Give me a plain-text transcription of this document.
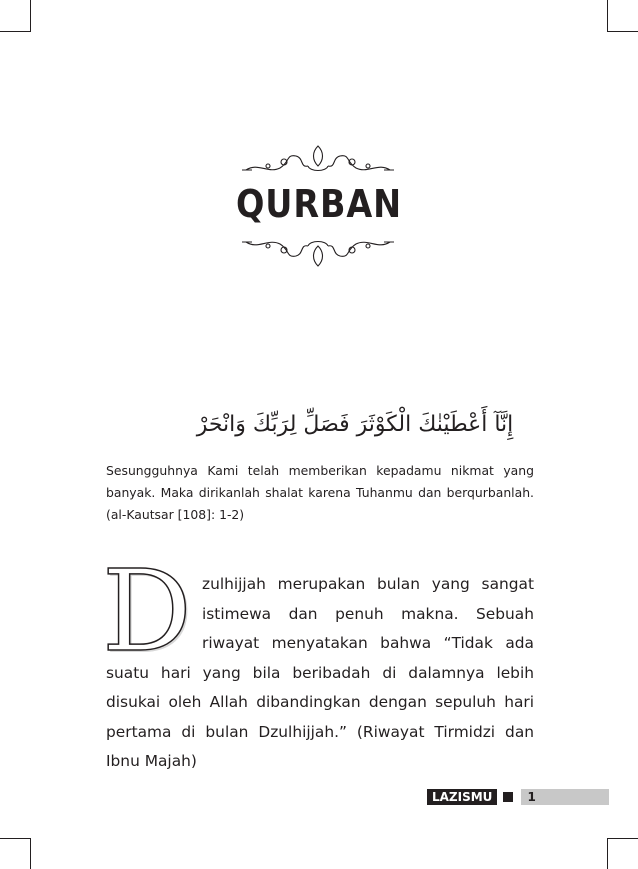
QURBAN
إِنَّآ أَعْطَيْنٰكَ الْكَوْثَرَ فَصَلِّ لِرَبِّكَ وَانْحَرْ
Sesungguhnya Kami telah memberikan kepadamu nikmat yang banyak. Maka dirikanlah shalat karena Tuhanmu dan berqurbanlah. (al-Kautsar [108]: 1-2)
D zulhijjah merupakan bulan yang sangat istimewa dan penuh makna. Sebuah riwayat menyatakan bahwa “Tidak ada suatu hari yang bila beribadah di dalamnya lebih disukai oleh Allah dibandingkan dengan sepuluh hari pertama di bulan Dzulhijjah.” (Riwayat Tirmidzi dan Ibnu Majah)
LAZISMU	1
